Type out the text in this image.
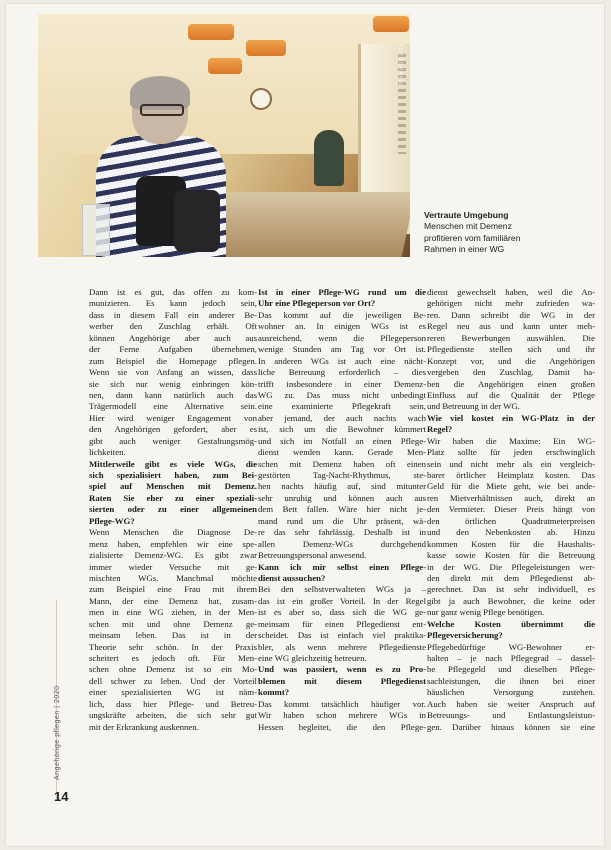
FOTOGRAFIE
Vertraute Umgebung
Menschen mit Demenz
profitieren vom familiären
Rahmen in einer WG
Dann ist es gut, das offen zu kom-
munizieren. Es kann jedoch sein,
dass in diesem Fall ein anderer Be-
werber den Zuschlag erhält. Oft
können Angehörige aber auch aus
der Ferne Aufgaben übernehmen,
zum Beispiel die Homepage pflegen.
Wenn sie von Anfang an wissen, dass
sie sich nur wenig einbringen kön-
nen, dann kann natürlich auch das
Trägermodell eine Alternative sein.
Hier wird weniger Engagement von
den Angehörigen gefordert, aber es
gibt auch weniger Gestaltungsmög-
lichkeiten.
Mittlerweile gibt es viele WGs, die
sich spezialisiert haben, zum Bei-
spiel auf Menschen mit Demenz.
Raten Sie eher zu einer speziali-
sierten oder zu einer allgemeinen
Pflege-WG?
Wenn Menschen die Diagnose De-
menz haben, empfehlen wir eine spe-
zialisierte Demenz-WG. Es gibt zwar
immer wieder Versuche mit ge-
mischten WGs. Manchmal möchte
zum Beispiel eine Frau mit ihrem
Mann, der eine Demenz hat, zusam-
men in eine WG ziehen, in der Men-
schen mit und ohne Demenz ge-
meinsam leben. Das ist in der
Theorie sehr schön. In der Praxis
scheitert es jedoch oft. Für Men-
schen ohne Demenz ist so ein Mo-
dell schwer zu leben. Und der Vorteil
einer spezialisierten WG ist näm-
lich, dass hier Pflege- und Betreu-
ungskräfte arbeiten, die sich sehr gut
mit der Erkrankung auskennen.
Ist in einer Pflege-WG rund um die
Uhr eine Pflegeperson vor Ort?
Das kommt auf die jeweiligen Be-
wohner an. In einigen WGs ist es
ausreichend, wenn die Pflegeperson
wenige Stunden am Tag vor Ort ist.
In anderen WGs ist auch eine nächt-
liche Betreuung erforderlich – dies
trifft insbesondere in einer Demenz-
WG zu. Das muss nicht unbedingt
eine examinierte Pflegekraft sein,
aber jemand, der auch nachts wach
ist, sich um die Bewohner kümmert
und sich im Notfall an einen Pflege-
dienst wenden kann. Gerade Men-
schen mit Demenz haben oft einen
gestörten Tag-Nacht-Rhythmus, ste-
hen nachts häufig auf, sind mitunter
sehr unruhig und können auch aus
dem Bett fallen. Wäre hier nicht je-
mand rund um die Uhr präsent, wä-
re das sehr fahrlässig. Deshalb ist in
allen Demenz-WGs durchgehend
Betreuungspersonal anwesend.
Kann ich mir selbst einen Pflege-
dienst aussuchen?
Bei den selbstverwalteten WGs ja –
das ist ein großer Vorteil. In der Regel
ist es aber so, dass sich die WG ge-
meinsam für einen Pflegedienst ent-
scheidet. Das ist einfach viel praktika-
bler, als wenn mehrere Pflegedienste
eine WG gleichzeitig betreuen.
Und was passiert, wenn es zu Pro-
blemen mit diesem Pflegedienst
kommt?
Das kommt tatsächlich häufiger vor.
Wir haben schon mehrere WGs in
Hessen begleitet, die den Pflege-
dienst gewechselt haben, weil die An-
gehörigen nicht mehr zufrieden wa-
ren. Dann schreibt die WG in der
Regel neu aus und kann unter meh-
reren Bewerbungen auswählen. Die
Pflegedienste stellen sich und ihr
Konzept vor, und die Angehörigen
vergeben den Zuschlag. Damit ha-
ben die Angehörigen einen großen
Einfluss auf die Qualität der Pflege
und Betreuung in der WG.
Wie viel kostet ein WG-Platz in der
Regel?
Wir haben die Maxime: Ein WG-
Platz sollte für jeden erschwinglich
sein und nicht mehr als ein vergleich-
barer örtlicher Heimplatz kosten. Das
Geld für die Miete geht, wie bei ande-
ren Mietverhältnissen auch, direkt an
den Vermieter. Dieser Preis hängt von
den örtlichen Quadratmeterpreisen
und den Nebenkosten ab. Hinzu
kommen Kosten für die Haushalts-
kasse sowie Kosten für die Betreuung
in der WG. Die Pflegeleistungen wer-
den direkt mit dem Pflegedienst ab-
gerechnet. Das ist sehr individuell, es
gibt ja auch Bewohner, die keine oder
nur ganz wenig Pflege benötigen.
Welche Kosten übernimmt die
Pflegeversicherung?
Pflegebedürftige WG-Bewohner er-
halten – je nach Pflegegrad – dassel-
be Pflegegeld und dieselben Pflege-
sachleistungen, die ihnen bei einer
häuslichen Versorgung zustehen.
Auch haben sie weiter Anspruch auf
Betreuungs- und Entlastungsleistun-
gen. Darüber hinaus können sie eine
Angehörige pflegen | 2020
14
